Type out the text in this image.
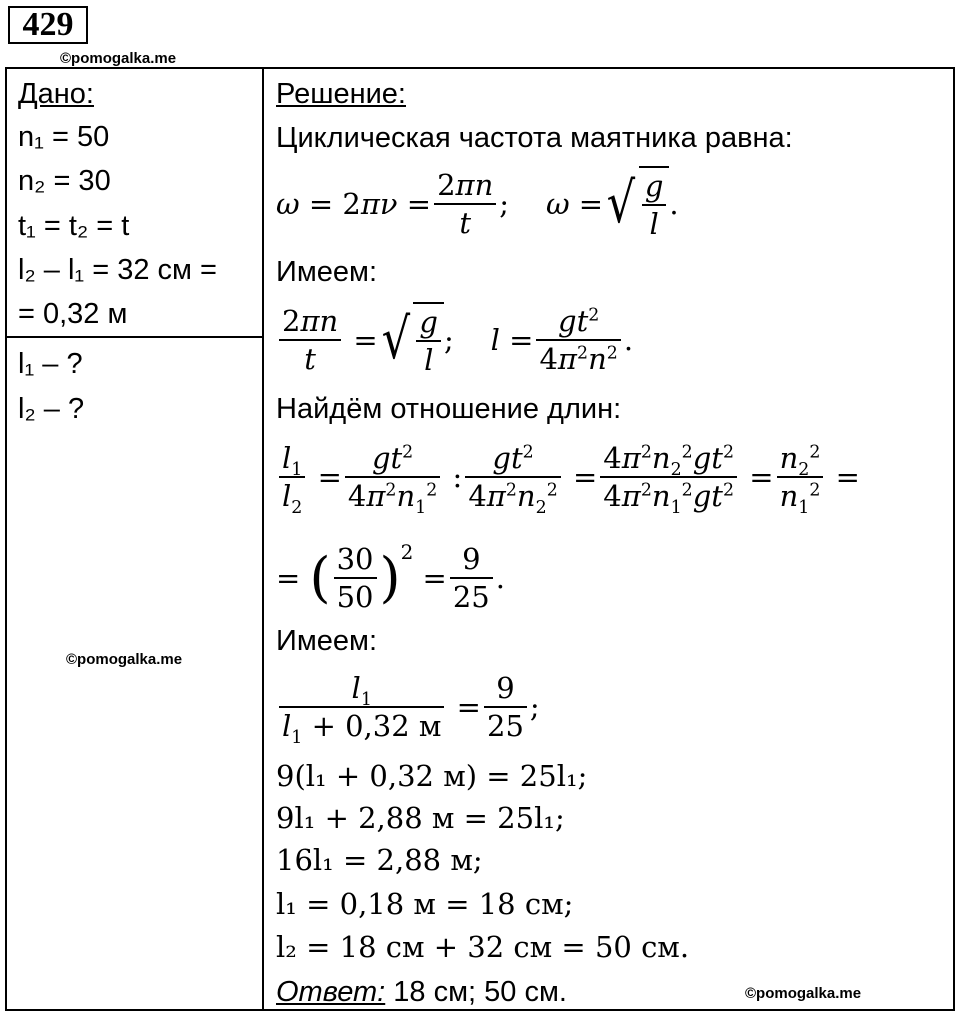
429
©pomogalka.me
Дано:
n₁ = 50
n₂ = 30
t₁ = t₂ = t
l₂ – l₁ = 32 см =
= 0,32 м
l₁ – ?
l₂ – ?
©pomogalka.me
Решение:
Циклическая частота маятника равна:
ω = 2 $\pi\nu = \frac{2\pi n}{t}$ ; ω = √ $\frac{g}{l}$ .
Имеем:
$\frac{2\pi n}{t}$ = √ $\frac{g}{l}$ ; $l = \frac{gt^2}{4\pi^2n^2}$ .
Найдём отношение длин:
$\frac{l_1}{l_2} = \frac{gt^2}{4\pi^2n_1^2}$ : $\frac{gt^2}{4\pi^2n_2^2} = \frac{4\pi^2n_2^2gt^2}{4\pi^2n_1^2gt^2} = \frac{n_2^2}{n_1^2}$ =
= ( $\frac{30}{50} )^2$
= $\frac{9}{25}$ .
Имеем:
$\frac{l_1}{l_1 + 0,32 м} = \frac{9}{25}$ ;
9(l₁ + 0,32 м) = 25l₁;
9l₁ + 2,88 м = 25l₁;
16l₁ = 2,88 м;
l₁ = 0,18 м = 18 см;
l₂ = 18 см + 32 см = 50 см.
Ответ: 18 см; 50 см.	©pomogalka.me
